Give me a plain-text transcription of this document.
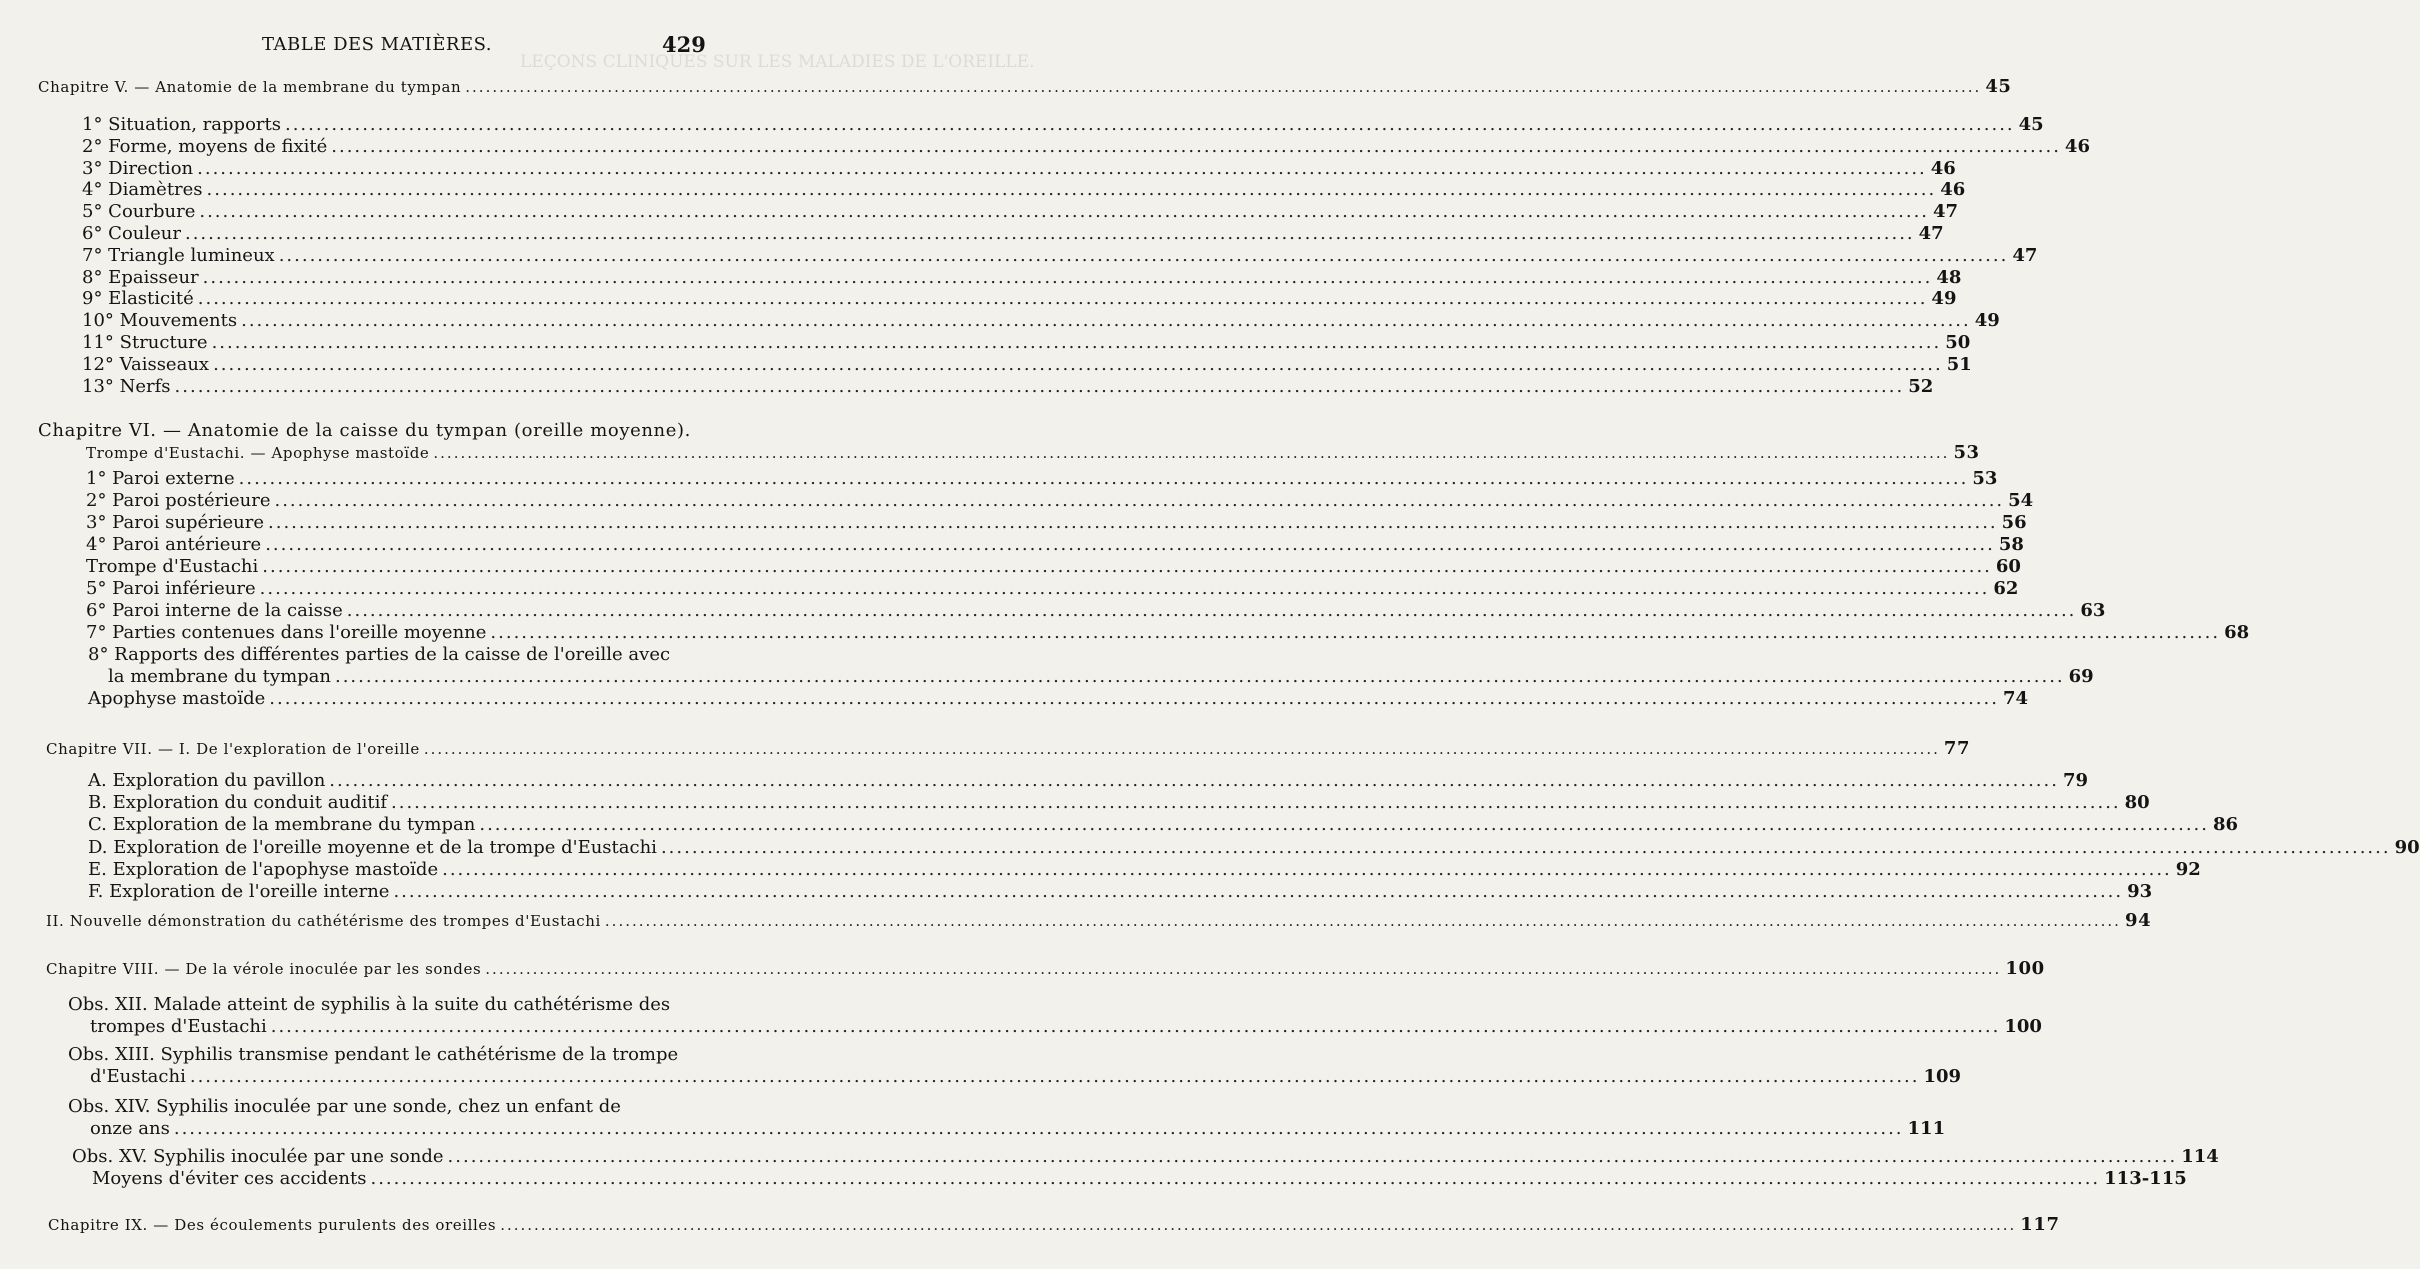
TABLE DES MATIÈRES.	429
LEÇONS CLINIQUES SUR LES MALADIES DE L'OREILLE.
Chapitre V. — Anatomie de la membrane du tympan .....	45
1° Situation, rapports .....	45
2° Forme, moyens de fixité .....	46
3° Direction .....	46
4° Diamètres .....	46
5° Courbure .....	47
6° Couleur .....	47
7° Triangle lumineux .....	47
8° Epaisseur .....	48
9° Elasticité .....	49
10° Mouvements .....	49
11° Structure .....	50
12° Vaisseaux .....	51
13° Nerfs .....	52
Chapitre VI. — Anatomie de la caisse du tympan (oreille moyenne).
Trompe d'Eustachi. — Apophyse mastoïde .....	53
1° Paroi externe .....	53
2° Paroi postérieure .....	54
3° Paroi supérieure .....	56
4° Paroi antérieure .....	58
Trompe d'Eustachi .....	60
5° Paroi inférieure .....	62
6° Paroi interne de la caisse .....	63
7° Parties contenues dans l'oreille moyenne .....	68
8° Rapports des différentes parties de la caisse de l'oreille avec
la membrane du tympan .....	69
Apophyse mastoïde .....	74
Chapitre VII. — I. De l'exploration de l'oreille .....	77
A. Exploration du pavillon .....	79
B. Exploration du conduit auditif .....	80
C. Exploration de la membrane du tympan .....	86
D. Exploration de l'oreille moyenne et de la trompe d'Eustachi .....	90
E. Exploration de l'apophyse mastoïde .....	92
F. Exploration de l'oreille interne .....	93
II. Nouvelle démonstration du cathétérisme des trompes d'Eustachi .....	94
Chapitre VIII. — De la vérole inoculée par les sondes .....	100
Obs. XII. Malade atteint de syphilis à la suite du cathétérisme des
trompes d'Eustachi .....	100
Obs. XIII. Syphilis transmise pendant le cathétérisme de la trompe
d'Eustachi .....	109
Obs. XIV. Syphilis inoculée par une sonde, chez un enfant de
onze ans .....	111
Obs. XV. Syphilis inoculée par une sonde .....	114
Moyens d'éviter ces accidents .....	113-115
Chapitre IX. — Des écoulements purulents des oreilles .....	117
